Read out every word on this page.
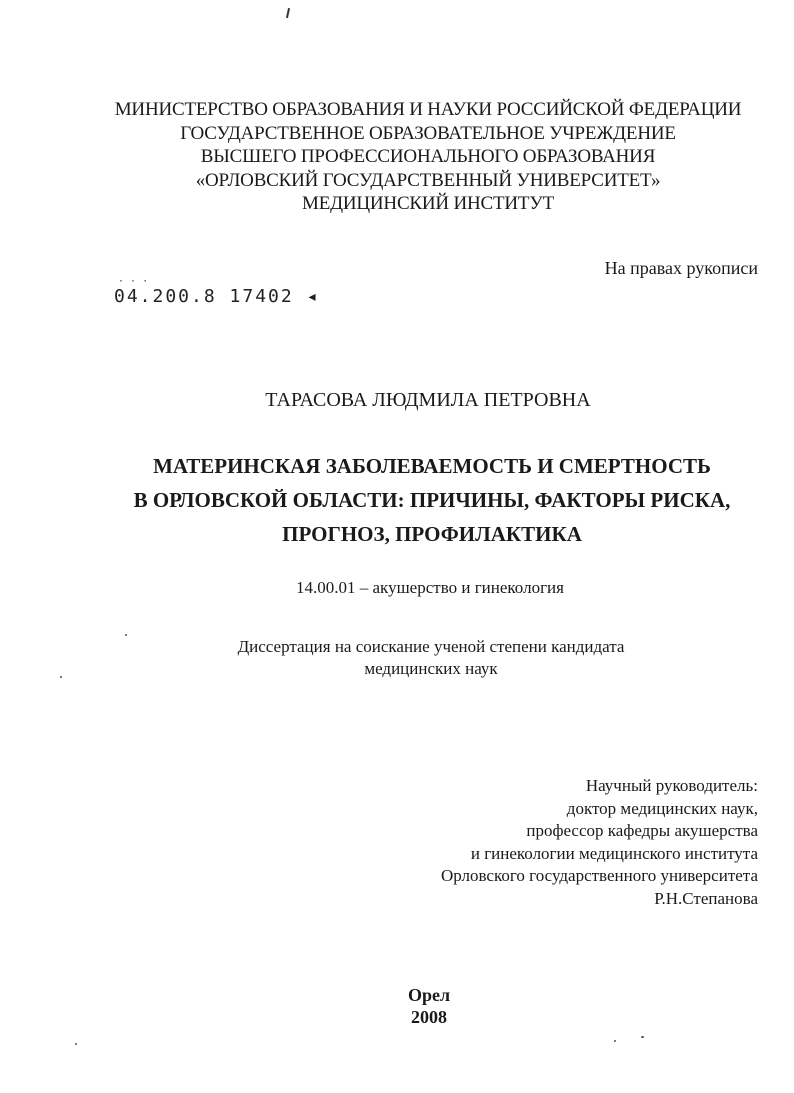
МИНИСТЕРСТВО ОБРАЗОВАНИЯ И НАУКИ РОССИЙСКОЙ ФЕДЕРАЦИИ
ГОСУДАРСТВЕННОЕ ОБРАЗОВАТЕЛЬНОЕ УЧРЕЖДЕНИЕ
ВЫСШЕГО ПРОФЕССИОНАЛЬНОГО ОБРАЗОВАНИЯ
«ОРЛОВСКИЙ ГОСУДАРСТВЕННЫЙ УНИВЕРСИТЕТ»
МЕДИЦИНСКИЙ ИНСТИТУТ
На правах рукописи
· · ·
04.200.8 17402 ◂
ТАРАСОВА ЛЮДМИЛА ПЕТРОВНА
МАТЕРИНСКАЯ ЗАБОЛЕВАЕМОСТЬ И СМЕРТНОСТЬ
В ОРЛОВСКОЙ ОБЛАСТИ: ПРИЧИНЫ, ФАКТОРЫ РИСКА,
ПРОГНОЗ, ПРОФИЛАКТИКА
14.00.01 – акушерство и гинекология
Диссертация на соискание ученой степени кандидата
медицинских наук
Научный руководитель:
доктор медицинских наук,
профессор кафедры акушерства
и гинекологии медицинского института
Орловского государственного университета
Р.Н.Степанова
Орел
2008
